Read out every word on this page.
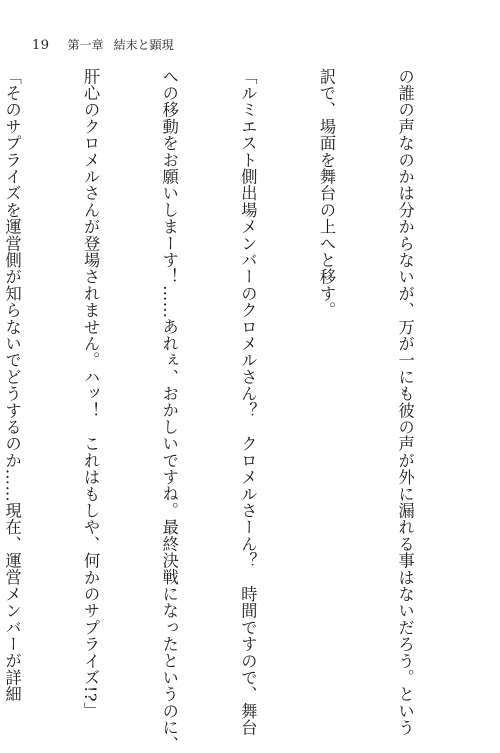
19 第一章 結末と顕現

の誰の声なのかは分からないが、万が一にも彼の声が外に漏れる事はないだろう。という

訳で、場面を舞台の上へと移す。

「ルミエスト側出場メンバーのクロメルさん？　クロメルさーん？　時間ですので、舞台

への移動をお願いしまーす！……あれぇ、おかしいですね。最終決戦になったというのに、

肝心のクロメルさんが登場されません。ハッ！　これはもしや、何かのサプライズ!?」

「そのサプライズを運営側が知らないでどうするのか……現在、運営メンバーが詳細
